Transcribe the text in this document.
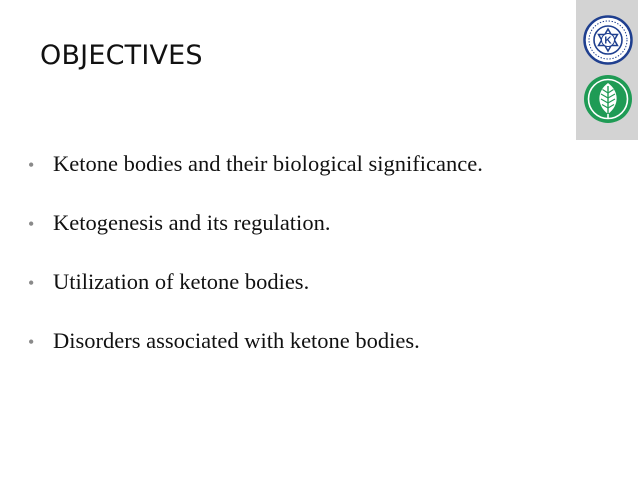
OBJECTIVES	K
• Ketone bodies and their biological significance.
• Ketogenesis and its regulation.
• Utilization of ketone bodies.
• Disorders associated with ketone bodies.
